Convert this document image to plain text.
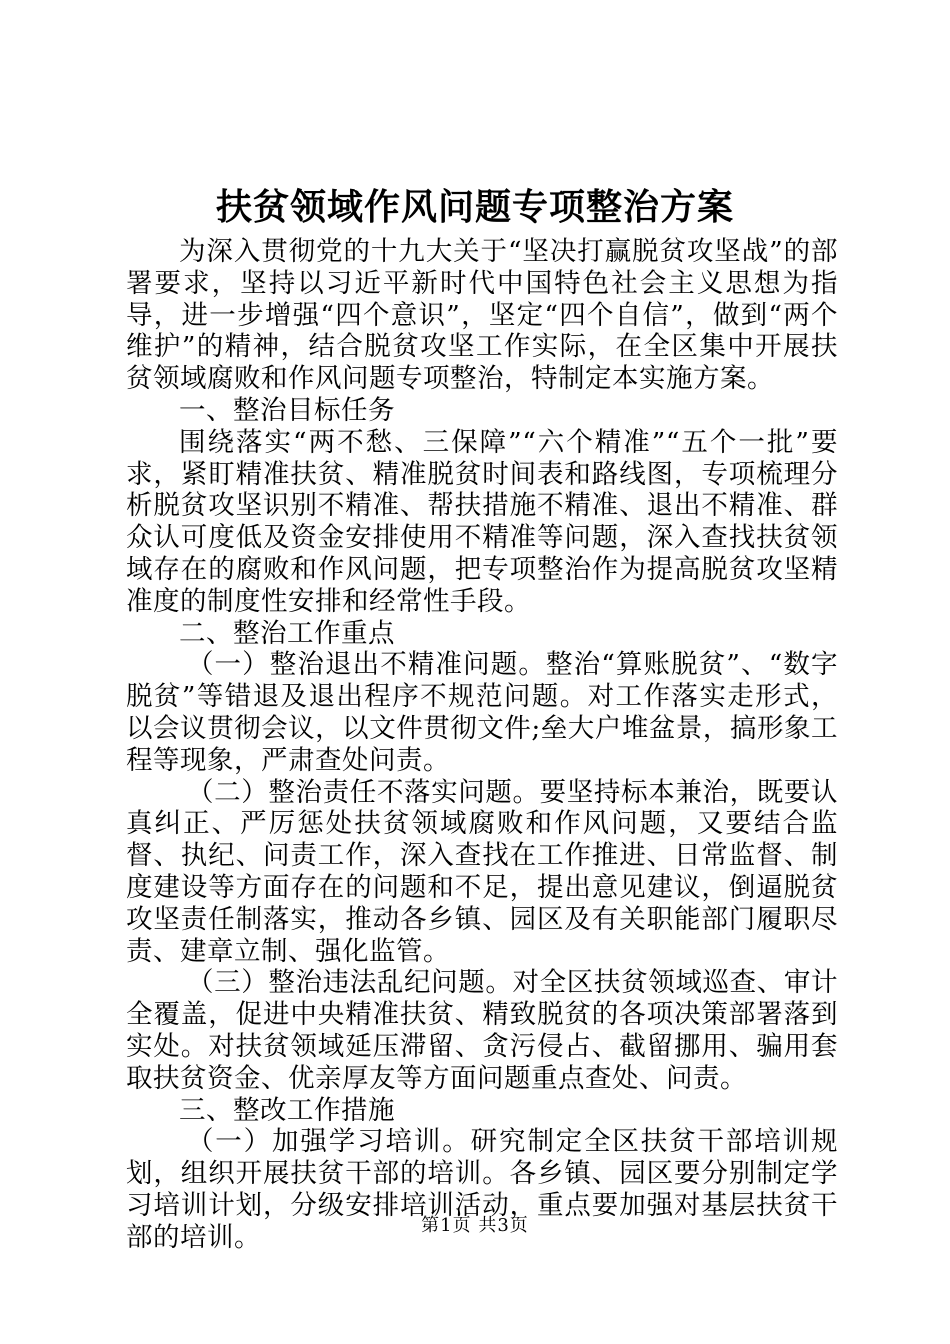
扶贫领域作风问题专项整治方案

为深入贯彻党的十九大关于“坚决打赢脱贫攻坚战”的部署要求，坚持以习近平新时代中国特色社会主义思想为指导，进一步增强“四个意识”，坚定“四个自信”，做到“两个维护”的精神，结合脱贫攻坚工作实际，在全区集中开展扶贫领域腐败和作风问题专项整治，特制定本实施方案。

一、整治目标任务

围绕落实“两不愁、三保障”“六个精准”“五个一批”要求，紧盯精准扶贫、精准脱贫时间表和路线图，专项梳理分析脱贫攻坚识别不精准、帮扶措施不精准、退出不精准、群众认可度低及资金安排使用不精准等问题，深入查找扶贫领域存在的腐败和作风问题，把专项整治作为提高脱贫攻坚精准度的制度性安排和经常性手段。

二、整治工作重点

（一）整治退出不精准问题。整治“算账脱贫”、“数字脱贫”等错退及退出程序不规范问题。对工作落实走形式，以会议贯彻会议，以文件贯彻文件;垒大户堆盆景，搞形象工程等现象，严肃查处问责。

（二）整治责任不落实问题。要坚持标本兼治，既要认真纠正、严厉惩处扶贫领域腐败和作风问题，又要结合监督、执纪、问责工作，深入查找在工作推进、日常监督、制度建设等方面存在的问题和不足，提出意见建议，倒逼脱贫攻坚责任制落实，推动各乡镇、园区及有关职能部门履职尽责、建章立制、强化监管。

（三）整治违法乱纪问题。对全区扶贫领域巡查、审计全覆盖，促进中央精准扶贫、精致脱贫的各项决策部署落到实处。对扶贫领域延压滞留、贪污侵占、截留挪用、骗用套取扶贫资金、优亲厚友等方面问题重点查处、问责。

三、整改工作措施

（一）加强学习培训。研究制定全区扶贫干部培训规划，组织开展扶贫干部的培训。各乡镇、园区要分别制定学习培训计划，分级安排培训活动，重点要加强对基层扶贫干部的培训。	第1页 共3页
